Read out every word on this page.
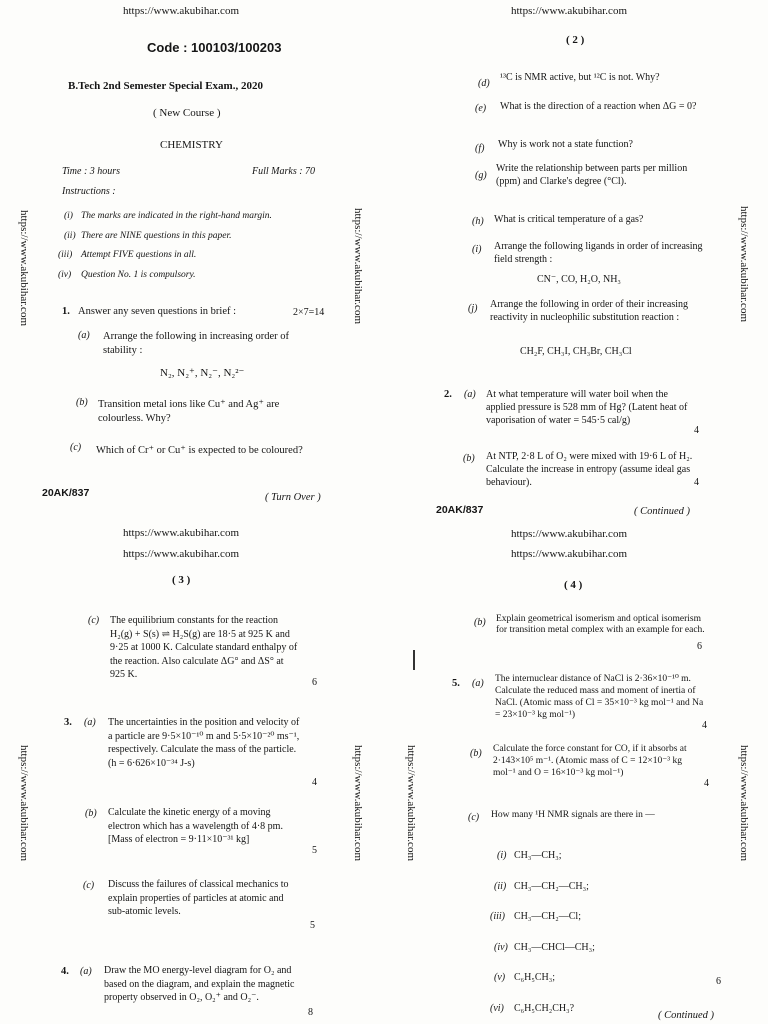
https://www.akubihar.com	https://www.akubihar.com
https://www.akubihar.com	https://www.akubihar.com	https://www.akubihar.com
https://www.akubihar.com	https://www.akubihar.com	https://www.akubihar.com	https://www.akubihar.com
Code : 100103/100203
B.Tech 2nd Semester Special Exam., 2020
( New Course )
CHEMISTRY
Time : 3 hours	Full Marks : 70
Instructions :
(i) The marks are indicated in the right-hand margin.
(ii) There are NINE questions in this paper.
(iii) Attempt FIVE questions in all.
(iv) Question No. 1 is compulsory.
1. Answer any seven questions in brief :	2×7=14
(a) Arrange the following in increasing order of stability :
N₂, N₂⁺, N₂⁻, N₂²⁻
(b) Transition metal ions like Cu⁺ and Ag⁺ are colourless. Why?
(c) Which of Cr⁺ or Cu⁺ is expected to be coloured?
20AK/837	( Turn Over )
( 2 )
(d)
¹³C is NMR active, but ¹²C is not. Why?
(e) What is the direction of a reaction when ΔG = 0?
(f) Why is work not a state function?
(g)
Write the relationship between parts per million (ppm) and Clarke's degree (°Cl).
(h) What is critical temperature of a gas?
(i) Arrange the following ligands in order of increasing field strength :
CN⁻, CO, H₂O, NH₃
(j) Arrange the following in order of their increasing reactivity in nucleophilic substitution reaction :
CH₂F, CH₃I, CH₃Br, CH₃Cl
2. (a) At what temperature will water boil when the applied pressure is 528 mm of Hg? (Latent heat of vaporisation of water = 545·5 cal/g)
4
(b) At NTP, 2·8 L of O₂ were mixed with 19·6 L of H₂. Calculate the increase in entropy (assume ideal gas behaviour).	4
20AK/837	( Continued )
https://www.akubihar.com
https://www.akubihar.com
https://www.akubihar.com
https://www.akubihar.com
( 3 )
(c) The equilibrium constants for the reaction H₂(g) + S(s) ⇌ H₂S(g) are 18·5 at 925 K and 9·25 at 1000 K. Calculate standard enthalpy of the reaction. Also calculate ΔG° and ΔS° at 925 K.
6
3. (a) The uncertainties in the position and velocity of a particle are 9·5×10⁻¹⁰ m and 5·5×10⁻²⁰ ms⁻¹, respectively. Calculate the mass of the particle. (h = 6·626×10⁻³⁴ J-s)
4
(b) Calculate the kinetic energy of a moving electron which has a wavelength of 4·8 pm. [Mass of electron = 9·11×10⁻³¹ kg]
5
(c) Discuss the failures of classical mechanics to explain properties of particles at atomic and sub-atomic levels.
5
4. (a) Draw the MO energy-level diagram for O₂ and based on the diagram, and explain the magnetic property observed in O₂, O₂⁺ and O₂⁻.
8
( 4 )
(b) Explain geometrical isomerism and optical isomerism for transition metal complex with an example for each.
6
5. (a) The internuclear distance of NaCl is 2·36×10⁻¹⁰ m. Calculate the reduced mass and moment of inertia of NaCl. (Atomic mass of Cl = 35×10⁻³ kg mol⁻¹ and Na = 23×10⁻³ kg mol⁻¹)
4
(b) Calculate the force constant for CO, if it absorbs at 2·143×10⁵ m⁻¹. (Atomic mass of C = 12×10⁻³ kg mol⁻¹ and O = 16×10⁻³ kg mol⁻¹)
4
(c) How many ¹H NMR signals are there in —
(i) CH₃—CH₃;
(ii) CH₃—CH₂—CH₃;
(iii) CH₃—CH₂—Cl;
(iv) CH₃—CHCl—CH₃;
(v) C₆H₅CH₃;
(vi) C₆H₅CH₂CH₃?
6
( Continued )
